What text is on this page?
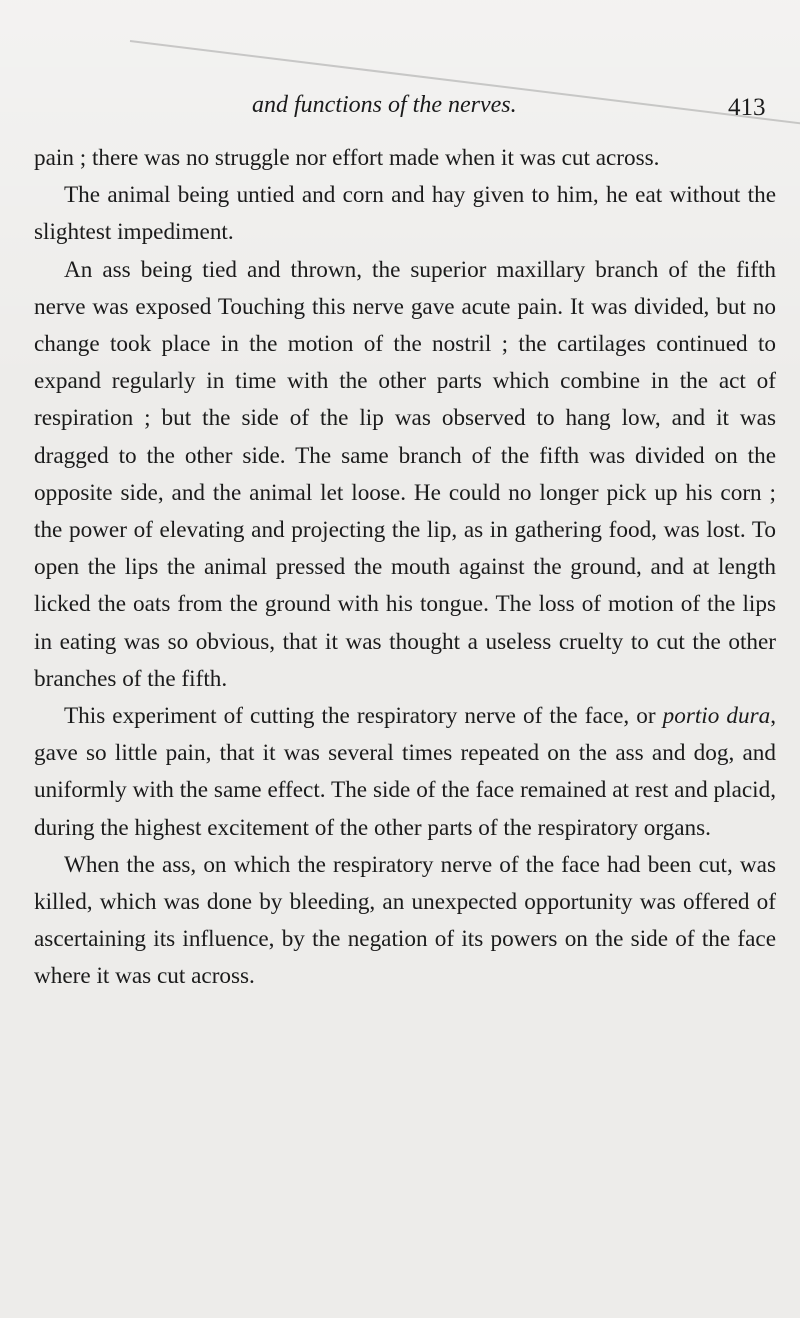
and functions of the nerves.	413

pain ; there was no struggle nor effort made when it was cut across.

The animal being untied and corn and hay given to him, he eat without the slightest impediment.

An ass being tied and thrown, the superior maxillary branch of the fifth nerve was exposed Touching this nerve gave acute pain. It was divided, but no change took place in the motion of the nostril ; the cartilages continued to expand regularly in time with the other parts which combine in the act of respiration ; but the side of the lip was observed to hang low, and it was dragged to the other side. The same branch of the fifth was divided on the opposite side, and the animal let loose. He could no longer pick up his corn ; the power of elevating and projecting the lip, as in gathering food, was lost. To open the lips the animal pressed the mouth against the ground, and at length licked the oats from the ground with his tongue. The loss of motion of the lips in eating was so obvious, that it was thought a useless cruelty to cut the other branches of the fifth.

This experiment of cutting the respiratory nerve of the face, or portio dura, gave so little pain, that it was several times repeated on the ass and dog, and uniformly with the same effect. The side of the face remained at rest and placid, during the highest excitement of the other parts of the respiratory organs.

When the ass, on which the respiratory nerve of the face had been cut, was killed, which was done by bleeding, an unexpected opportunity was offered of ascertaining its influence, by the negation of its powers on the side of the face where it was cut across.
